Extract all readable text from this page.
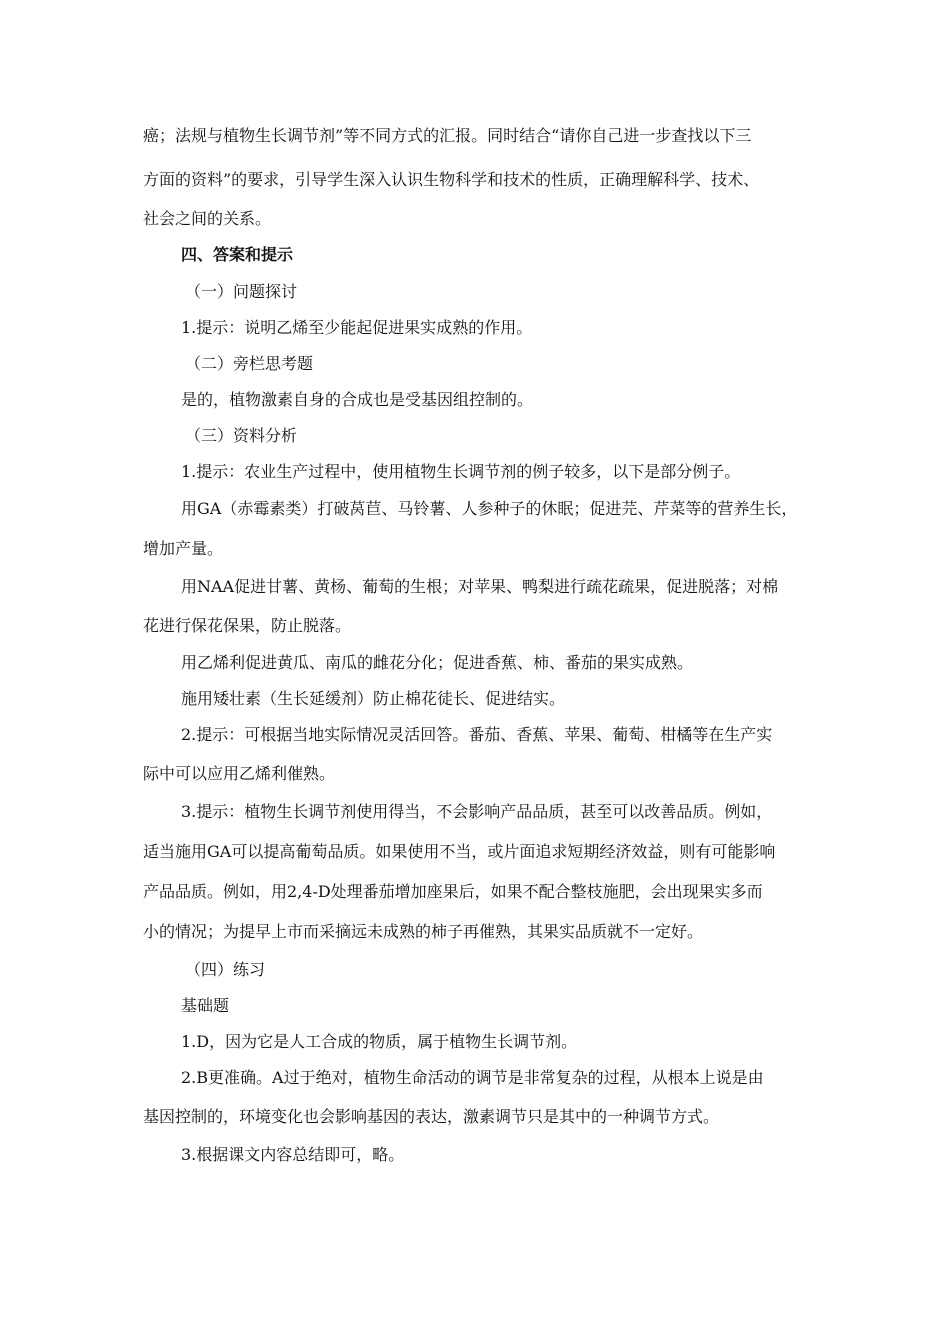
癌；法规与植物生长调节剂”等不同方式的汇报。同时结合“请你自己进一步查找以下三
方面的资料”的要求，引导学生深入认识生物科学和技术的性质，正确理解科学、技术、
社会之间的关系。
四、答案和提示
（一）问题探讨
1.提示：说明乙烯至少能起促进果实成熟的作用。
（二）旁栏思考题
是的，植物激素自身的合成也是受基因组控制的。
（三）资料分析
1.提示：农业生产过程中，使用植物生长调节剂的例子较多，以下是部分例子。
用GA（赤霉素类）打破莴苣、马铃薯、人参种子的休眠；促进芫、芹菜等的营养生长，
增加产量。
用NAA促进甘薯、黄杨、葡萄的生根；对苹果、鸭梨进行疏花疏果，促进脱落；对棉
花进行保花保果，防止脱落。
用乙烯利促进黄瓜、南瓜的雌花分化；促进香蕉、柿、番茄的果实成熟。
施用矮壮素（生长延缓剂）防止棉花徒长、促进结实。
2.提示：可根据当地实际情况灵活回答。番茄、香蕉、苹果、葡萄、柑橘等在生产实
际中可以应用乙烯利催熟。
3.提示：植物生长调节剂使用得当，不会影响产品品质，甚至可以改善品质。例如，
适当施用GA可以提高葡萄品质。如果使用不当，或片面追求短期经济效益，则有可能影响
产品品质。例如，用2,4-D处理番茄增加座果后，如果不配合整枝施肥，会出现果实多而
小的情况；为提早上市而采摘远未成熟的柿子再催熟，其果实品质就不一定好。
（四）练习
基础题
1.D，因为它是人工合成的物质，属于植物生长调节剂。
2.B更准确。A过于绝对，植物生命活动的调节是非常复杂的过程，从根本上说是由
基因控制的，环境变化也会影响基因的表达，激素调节只是其中的一种调节方式。
3.根据课文内容总结即可，略。
